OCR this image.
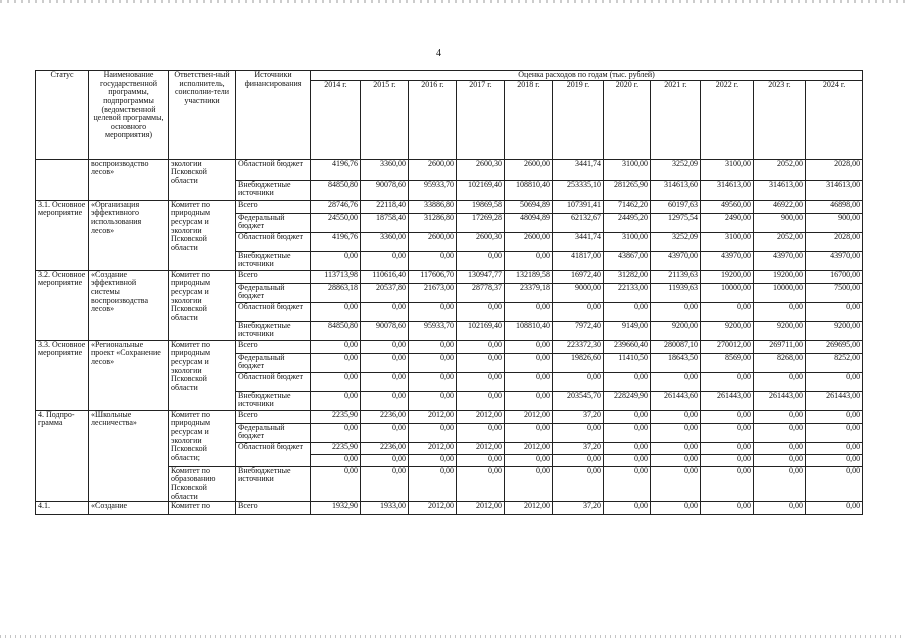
4
Статус	Наименование государственной программы, подпрограммы (ведомственной целевой программы, основного мероприятия)	Ответствен-ный исполнитель, соисполни-тели участники	Источники финансирования	Оценка расходов по годам (тыс. рублей)										
				2014 г.	2015 г.	2016 г.	2017 г.	2018 г.	2019 г.	2020 г.	2021 г.	2022 г.	2023 г.	2024 г.
	воспроизводство лесов»	экологии Псковской области	Областной бюджет	4196,76	3360,00	2600,00	2600,30	2600,00	3441,74	3100,00	3252,09	3100,00	2052,00	2028,00
			Внебюджетные источники	84850,80	90078,60	95933,70	102169,40	108810,40	253335,10	281265,90	314613,60	314613,00	314613,00	314613,00
3.1. Основное мероприятие	«Организация эффективного использования лесов»	Комитет по природным ресурсам и экологии Псковской области	Всего	28746,76	22118,40	33886,80	19869,58	50694,89	107391,41	71462,20	60197,63	49560,00	46922,00	46898,00
			Федеральный бюджет	24550,00	18758,40	31286,80	17269,28	48094,89	62132,67	24495,20	12975,54	2490,00	900,00	900,00
			Областной бюджет	4196,76	3360,00	2600,00	2600,30	2600,00	3441,74	3100,00	3252,09	3100,00	2052,00	2028,00
			Внебюджетные источники	0,00	0,00	0,00	0,00	0,00	41817,00	43867,00	43970,00	43970,00	43970,00	43970,00
3.2. Основное мероприятие	«Создание эффективной системы воспроизводства лесов»	Комитет по природным ресурсам и экологии Псковской области	Всего	113713,98	110616,40	117606,70	130947,77	132189,58	16972,40	31282,00	21139,63	19200,00	19200,00	16700,00
			Федеральный бюджет	28863,18	20537,80	21673,00	28778,37	23379,18	9000,00	22133,00	11939,63	10000,00	10000,00	7500,00
			Областной бюджет	0,00	0,00	0,00	0,00	0,00	0,00	0,00	0,00	0,00	0,00	0,00
			Внебюджетные источники	84850,80	90078,60	95933,70	102169,40	108810,40	7972,40	9149,00	9200,00	9200,00	9200,00	9200,00
3.3. Основное мероприятие	«Региональные проект «Сохранение лесов»	Комитет по природным ресурсам и экологии Псковской области	Всего	0,00	0,00	0,00	0,00	0,00	223372,30	239660,40	280087,10	270012,00	269711,00	269695,00
			Федеральный бюджет	0,00	0,00	0,00	0,00	0,00	19826,60	11410,50	18643,50	8569,00	8268,00	8252,00
			Областной бюджет	0,00	0,00	0,00	0,00	0,00	0,00	0,00	0,00	0,00	0,00	0,00
			Внебюджетные источники	0,00	0,00	0,00	0,00	0,00	203545,70	228249,90	261443,60	261443,00	261443,00	261443,00
4. Подпро-грамма	«Школьные лесничества»	Комитет по природным ресурсам и экологии Псковской области;	Всего	2235,90	2236,00	2012,00	2012,00	2012,00	37,20	0,00	0,00	0,00	0,00	0,00
			Федеральный бюджет	0,00	0,00	0,00	0,00	0,00	0,00	0,00	0,00	0,00	0,00	0,00
			Областной бюджет	2235,90	2236,00	2012,00	2012,00	2012,00	37,20	0,00	0,00	0,00	0,00	0,00
				0,00	0,00	0,00	0,00	0,00	0,00	0,00	0,00	0,00	0,00	0,00
		Комитет по образованию Псковской области	Внебюджетные источники	0,00	0,00	0,00	0,00	0,00	0,00	0,00	0,00	0,00	0,00	0,00
4.1.	«Создание	Комитет по	Всего	1932,90	1933,00	2012,00	2012,00	2012,00	37,20	0,00	0,00	0,00	0,00	0,00
